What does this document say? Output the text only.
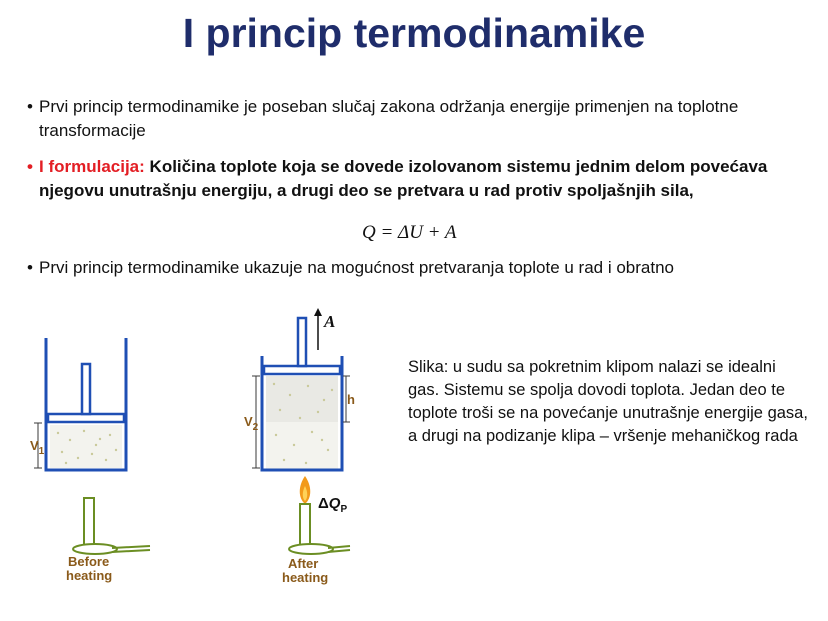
I princip termodinamike
• Prvi princip termodinamike je poseban slučaj zakona održanja energije primenjen na toplotne transformacije
• I formulacija: Količina toplote koja se dovede izolovanom sistemu jednim delom povećava njegovu unutrašnju energiju, a drugi deo se pretvara u rad protiv spoljašnjih sila,
Q = ΔU + A
• Prvi princip termodinamike ukazuje na mogućnost pretvaranja toplote u rad i obratno
$V_1$
Before
heating
A
h
$V_2$
$\Delta Q_P$
After
heating
Slika: u sudu sa pokretnim klipom nalazi se idealni gas. Sistemu se spolja dovodi toplota. Jedan deo te toplote troši se na povećanje unutrašnje energije gasa, a drugi na podizanje klipa – vršenje mehaničkog rada
